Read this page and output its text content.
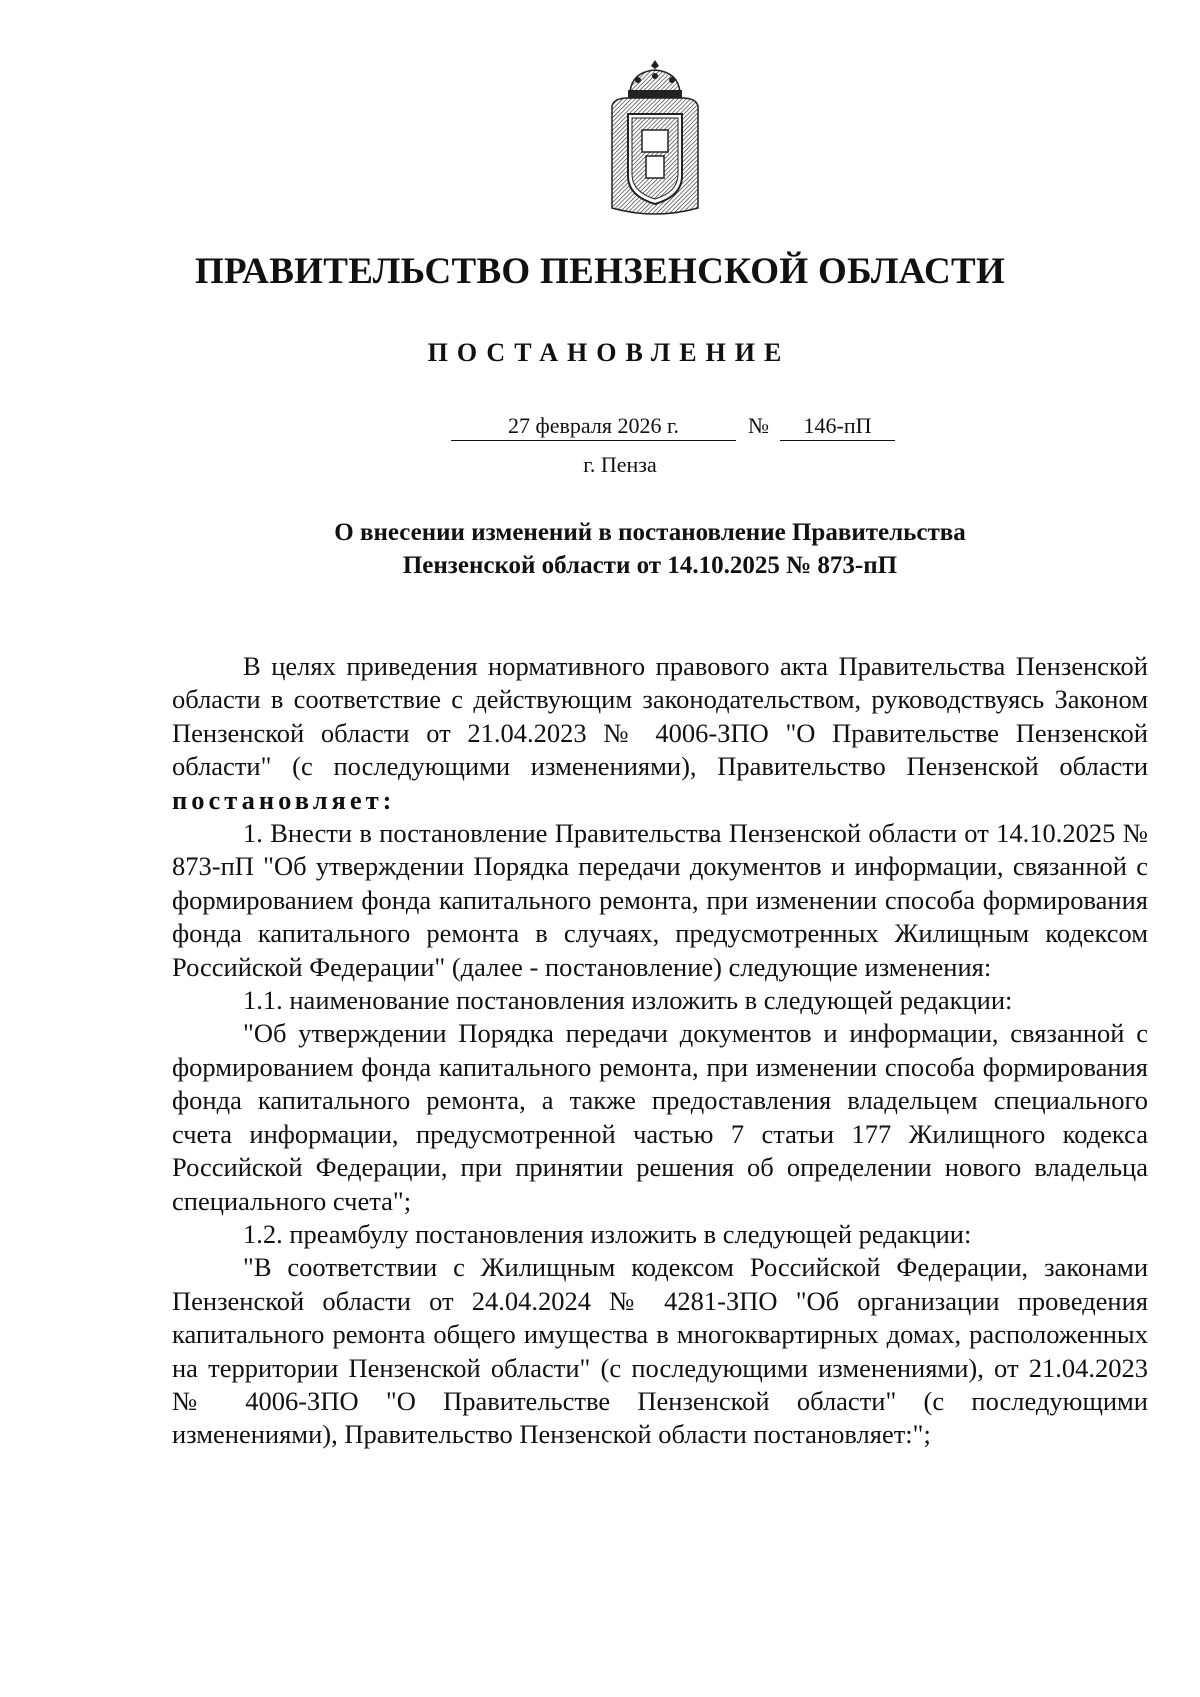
ПРАВИТЕЛЬСТВО ПЕНЗЕНСКОЙ ОБЛАСТИ
ПОСТАНОВЛЕНИЕ
27 февраля 2026 г.	№	146-пП
г. Пенза
О внесении изменений в постановление Правительства
Пензенской области от 14.10.2025 № 873-пП

В целях приведения нормативного правового акта Правительства Пензенской области в соответствие с действующим законодательством, руководствуясь Законом Пензенской области от 21.04.2023 № 4006-ЗПО "О Правительстве Пензенской области" (с последующими изменениями), Правительство Пензенской области постановляет:

1. Внести в постановление Правительства Пензенской области от 14.10.2025 № 873-пП "Об утверждении Порядка передачи документов и информации, связанной с формированием фонда капитального ремонта, при изменении способа формирования фонда капитального ремонта в случаях, предусмотренных Жилищным кодексом Российской Федерации" (далее - постановление) следующие изменения:

1.1. наименование постановления изложить в следующей редакции:

"Об утверждении Порядка передачи документов и информации, связанной с формированием фонда капитального ремонта, при изменении способа формирования фонда капитального ремонта, а также предоставления владельцем специального счета информации, предусмотренной частью 7 статьи 177 Жилищного кодекса Российской Федерации, при принятии решения об определении нового владельца специального счета";

1.2. преамбулу постановления изложить в следующей редакции:

"В соответствии с Жилищным кодексом Российской Федерации, законами Пензенской области от 24.04.2024 № 4281-ЗПО "Об организации проведения капитального ремонта общего имущества в многоквартирных домах, расположенных на территории Пензенской области" (с последующими изменениями), от 21.04.2023 № 4006-ЗПО "О Правительстве Пензенской области" (с последующими изменениями), Правительство Пензенской области постановляет:";
